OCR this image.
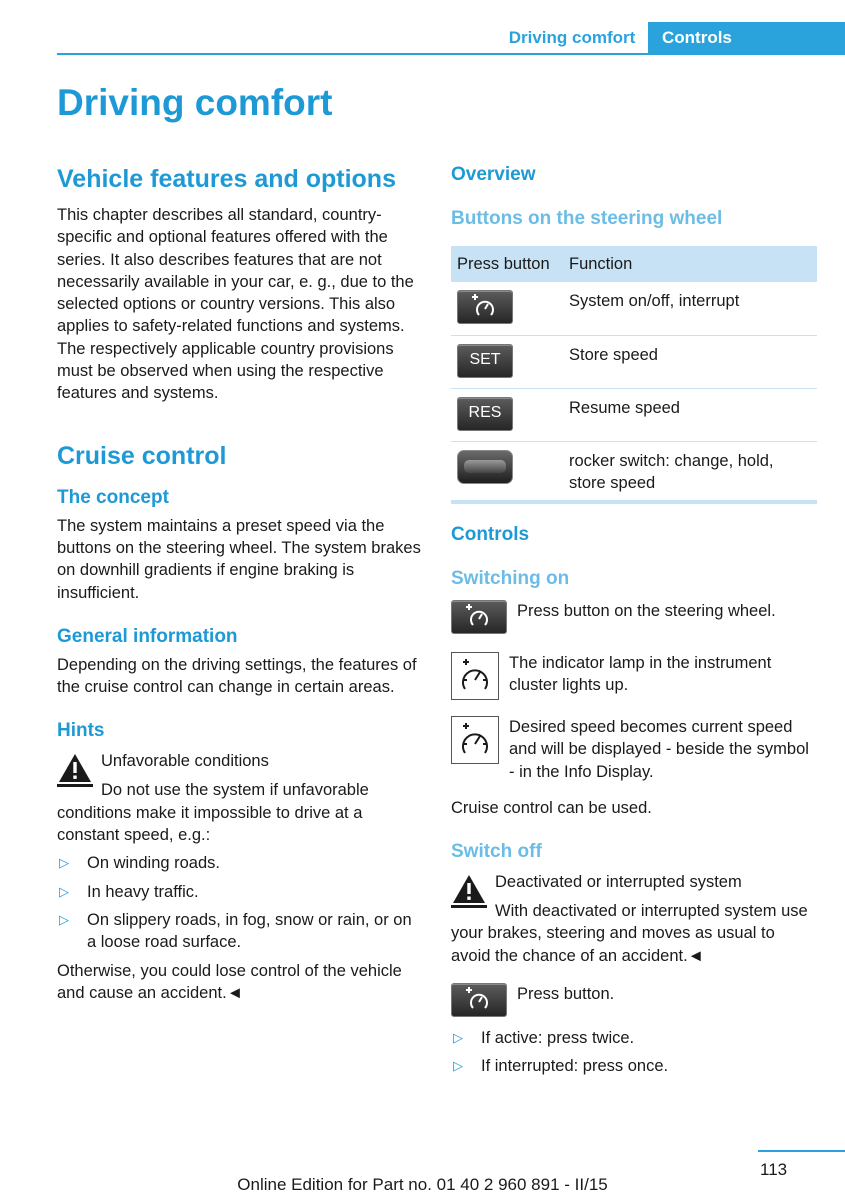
Driving comfort	Controls
Driving comfort
Vehicle features and options
This chapter describes all standard, country-specific and optional features offered with the series. It also describes features that are not necessarily available in your car, e. g., due to the selected options or country versions. This also applies to safety-related functions and systems. The respectively applicable country provisions must be observed when using the respective features and systems.
Cruise control
The concept
The system maintains a preset speed via the buttons on the steering wheel. The system brakes on downhill gradients if engine braking is insufficient.
General information
Depending on the driving settings, the features of the cruise control can change in certain areas.
Hints
Unfavorable conditions
Do not use the system if unfavorable conditions make it impossible to drive at a constant speed, e.g.:
▷ On winding roads.
▷ In heavy traffic.
▷ On slippery roads, in fog, snow or rain, or on a loose road surface.
Otherwise, you could lose control of the vehicle and cause an accident.◄
Overview
Buttons on the steering wheel
Press button	Function

	System on/off, interrupt

SET	Store speed

RES	Resume speed

	rocker switch: change, hold, store speed
Controls
Switching on
Press button on the steering wheel.
The indicator lamp in the instrument cluster lights up.
Desired speed becomes current speed and will be displayed - beside the symbol - in the Info Display.
Cruise control can be used.
Switch off
Deactivated or interrupted system
With deactivated or interrupted system use your brakes, steering and moves as usual to avoid the chance of an accident.◄
Press button.
▷ If active: press twice.
▷ If interrupted: press once.
113
Online Edition for Part no. 01 40 2 960 891 - II/15
